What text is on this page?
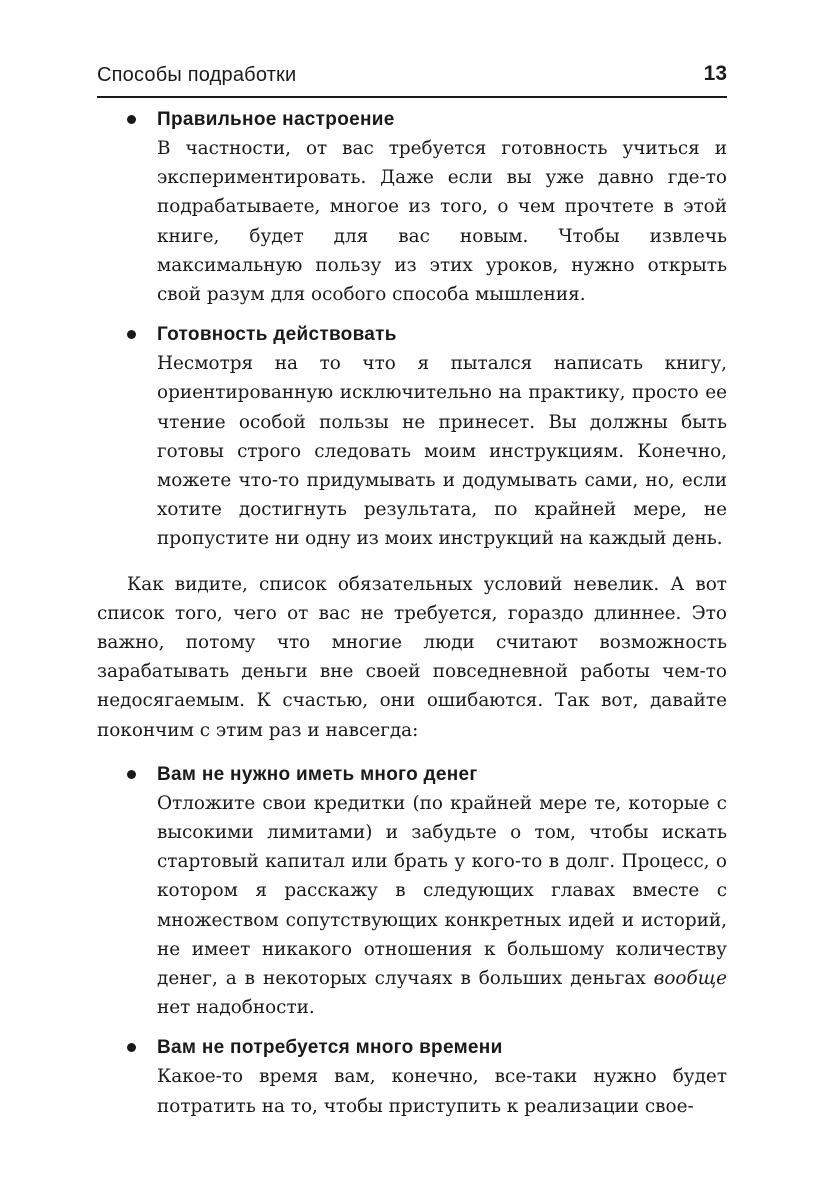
Способы подработки	13
Правильное настроение
В частности, от вас требуется готовность учиться и экспериментировать. Даже если вы уже давно где-то подрабатываете, многое из того, о чем прочтете в этой книге, будет для вас новым. Чтобы извлечь максимальную пользу из этих уроков, нужно открыть свой разум для особого способа мышления.
Готовность действовать
Несмотря на то что я пытался написать книгу, ориентированную исключительно на практику, просто ее чтение особой пользы не принесет. Вы должны быть готовы строго следовать моим инструкциям. Конечно, можете что-то придумывать и додумывать сами, но, если хотите достигнуть результата, по крайней мере, не пропустите ни одну из моих инструкций на каждый день.
Как видите, список обязательных условий невелик. А вот список того, чего от вас не требуется, гораздо длиннее. Это важно, потому что многие люди считают возможность зарабатывать деньги вне своей повседневной работы чем-то недосягаемым. К счастью, они ошибаются. Так вот, давайте покончим с этим раз и навсегда:
Вам не нужно иметь много денег
Отложите свои кредитки (по крайней мере те, которые с высокими лимитами) и забудьте о том, чтобы искать стартовый капитал или брать у кого-то в долг. Процесс, о котором я расскажу в следующих главах вместе с множеством сопутствующих конкретных идей и историй, не имеет никакого отношения к большому количеству денег, а в некоторых случаях в больших деньгах вообще нет надобности.
Вам не потребуется много времени
Какое-то время вам, конечно, все-таки нужно будет потратить на то, чтобы приступить к реализации свое-
